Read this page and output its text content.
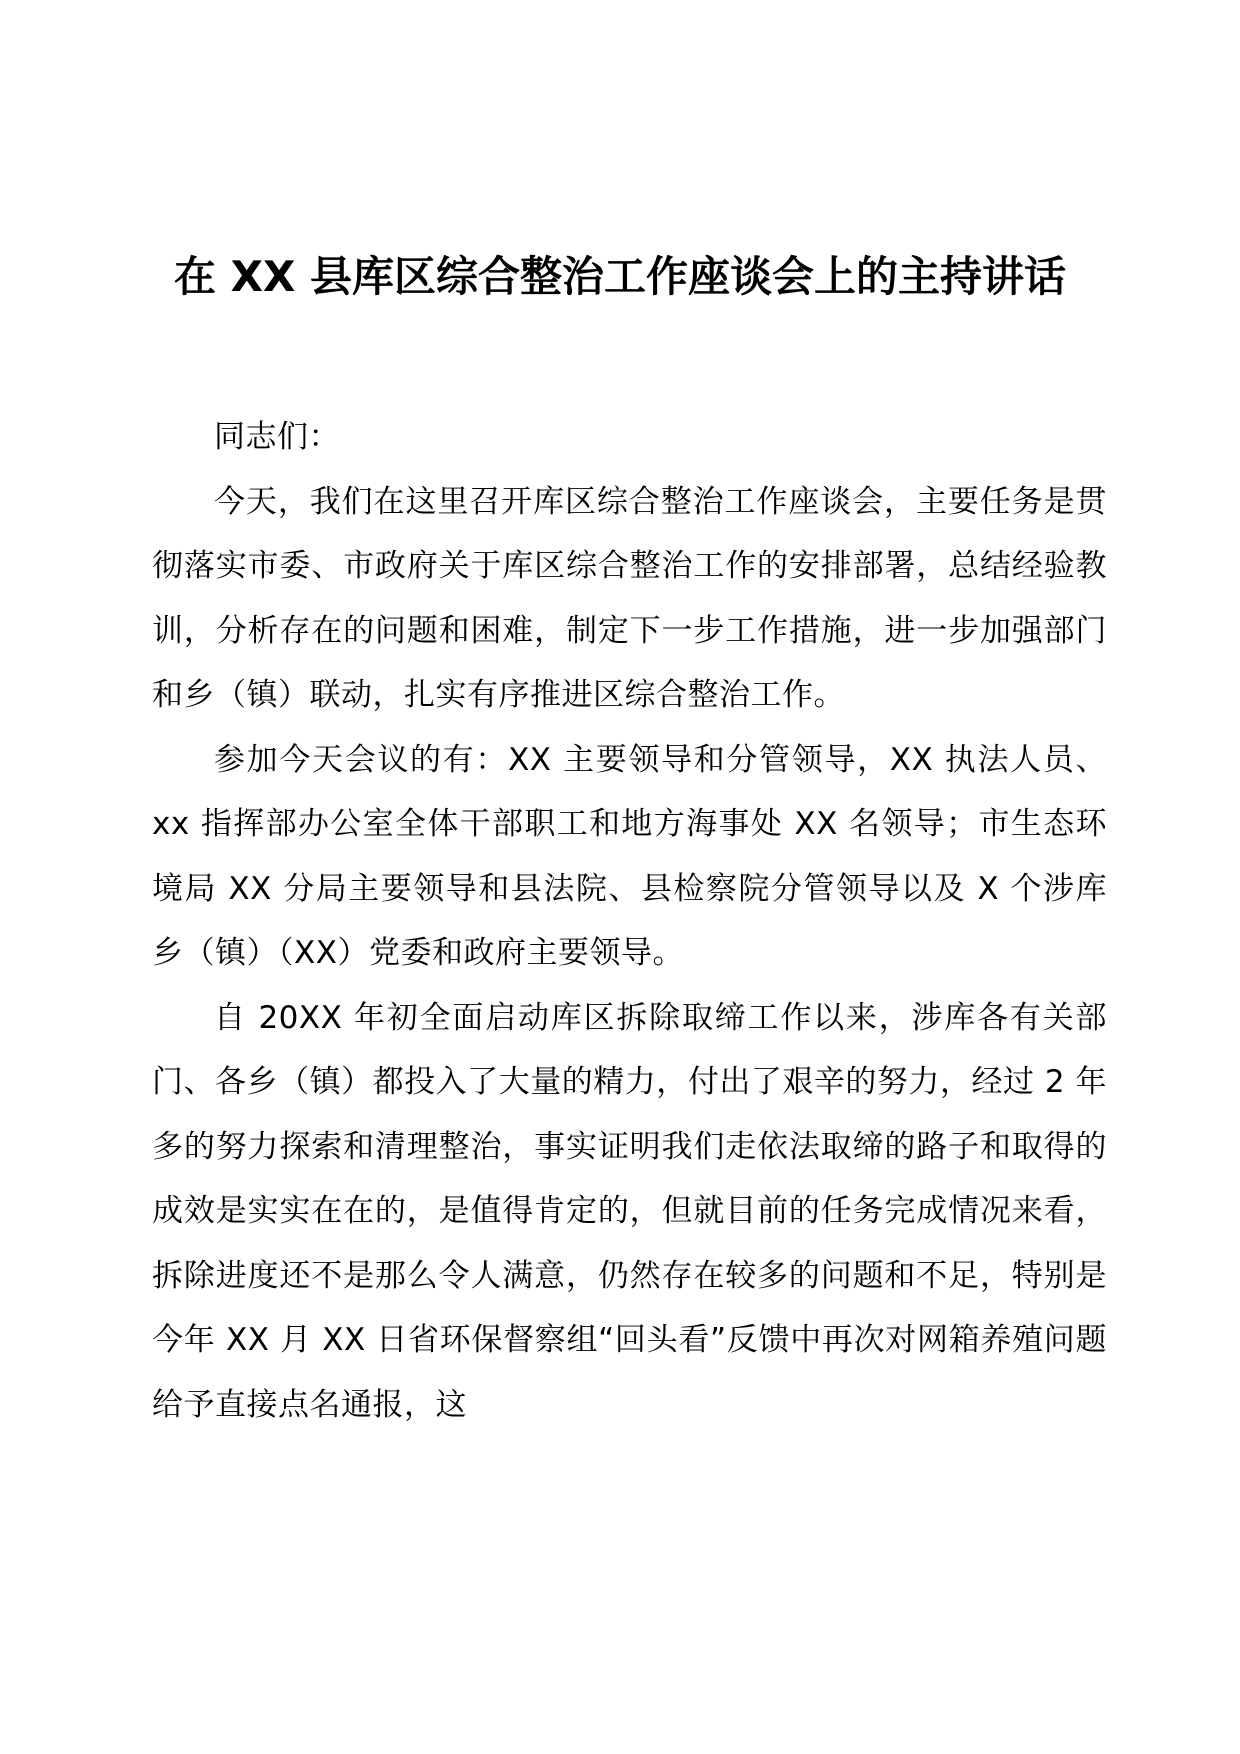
在 XX 县库区综合整治工作座谈会上的主持讲话

同志们：

今天，我们在这里召开库区综合整治工作座谈会，主要任务是贯彻落实市委、市政府关于库区综合整治工作的安排部署，总结经验教训，分析存在的问题和困难，制定下一步工作措施，进一步加强部门和乡（镇）联动，扎实有序推进区综合整治工作。

参加今天会议的有：XX 主要领导和分管领导，XX 执法人员、xx 指挥部办公室全体干部职工和地方海事处 XX 名领导；市生态环境局 XX 分局主要领导和县法院、县检察院分管领导以及 X 个涉库乡（镇）（XX）党委和政府主要领导。

自 20XX 年初全面启动库区拆除取缔工作以来，涉库各有关部门、各乡（镇）都投入了大量的精力，付出了艰辛的努力，经过 2 年多的努力探索和清理整治，事实证明我们走依法取缔的路子和取得的成效是实实在在的，是值得肯定的，但就目前的任务完成情况来看，拆除进度还不是那么令人满意，仍然存在较多的问题和不足，特别是今年 XX 月 XX 日省环保督察组“回头看”反馈中再次对网箱养殖问题给予直接点名通报，这
